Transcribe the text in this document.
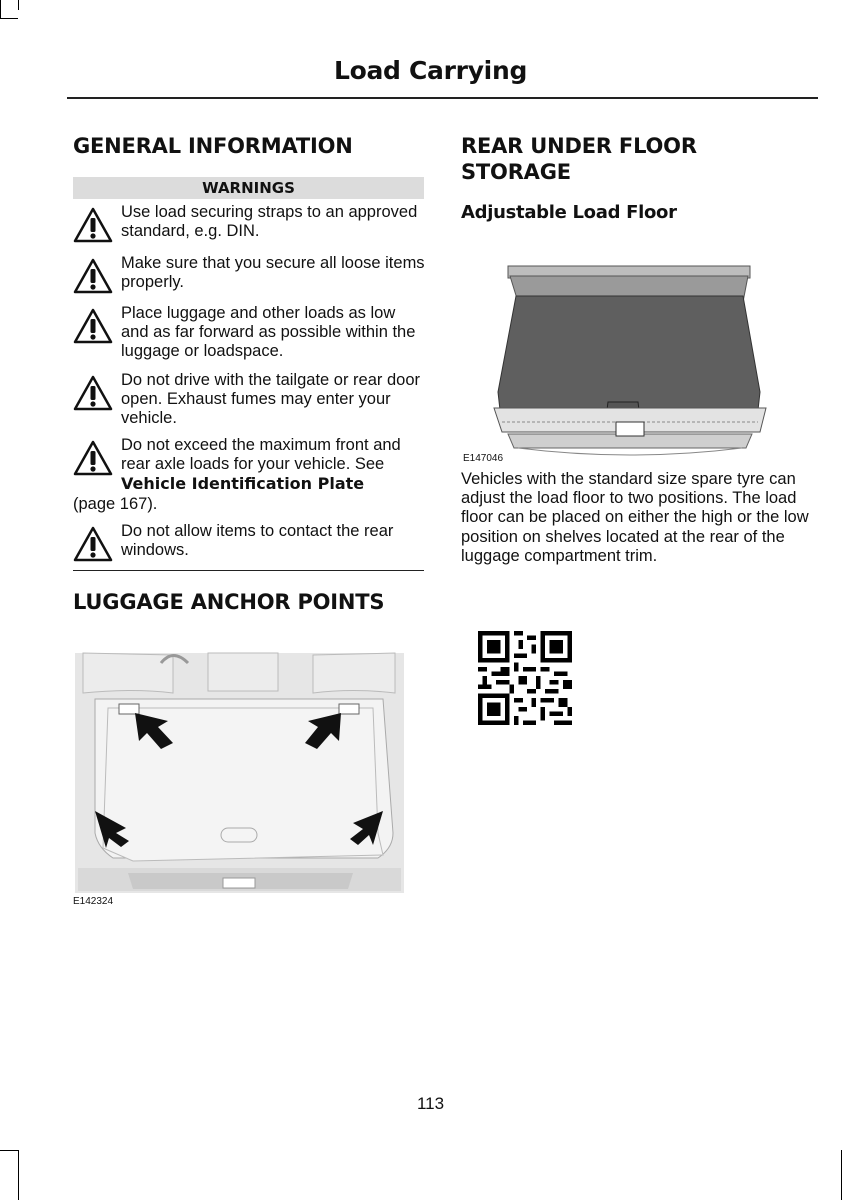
Load Carrying
GENERAL INFORMATION
WARNINGS
Use load securing straps to an approved standard, e.g. DIN.
Make sure that you secure all loose items properly.
Place luggage and other loads as low and as far forward as possible within the luggage or loadspace.
Do not drive with the tailgate or rear door open. Exhaust fumes may enter your vehicle.
Do not exceed the maximum front and rear axle loads for your vehicle. See Vehicle Identification Plate
(page 167).
Do not allow items to contact the rear windows.
LUGGAGE ANCHOR POINTS
E142324
REAR UNDER FLOOR
STORAGE
Adjustable Load Floor
E147046
Vehicles with the standard size spare tyre can adjust the load floor to two positions. The load floor can be placed on either the high or the low position on shelves located at the rear of the luggage compartment trim.
113
